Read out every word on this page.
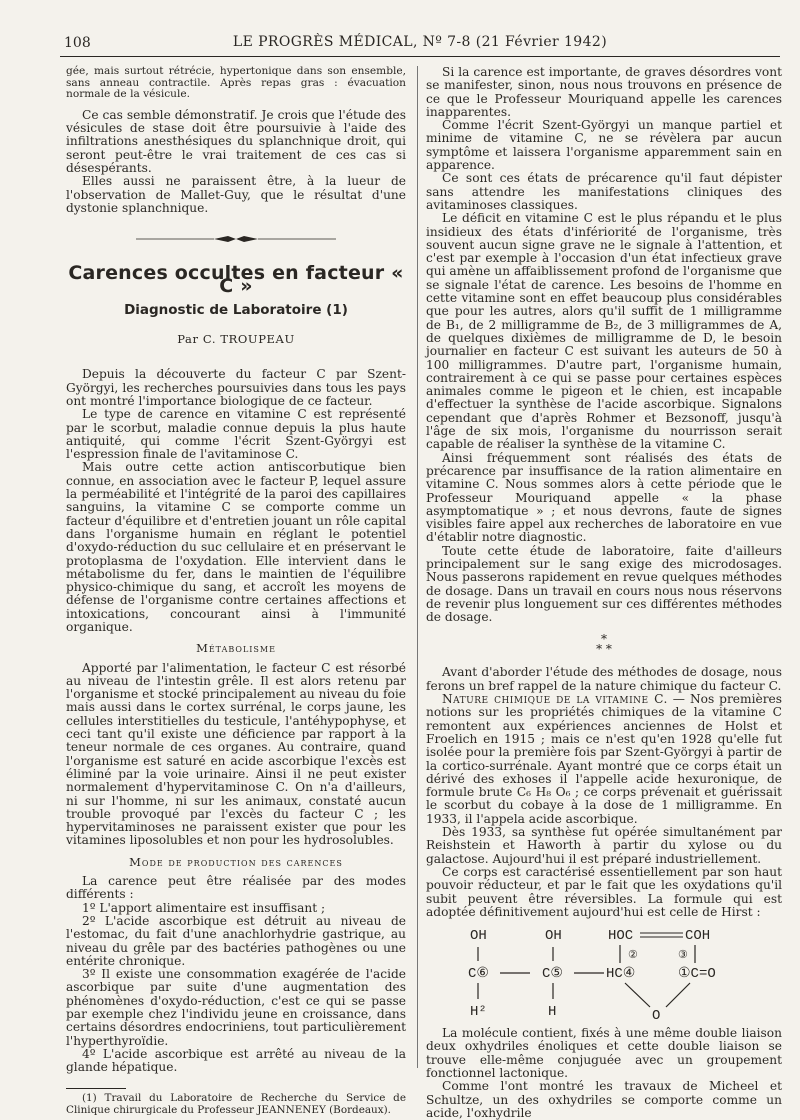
108	LE PROGRÈS MÉDICAL, Nº 7-8 (21 Février 1942)

gée, mais surtout rétrécie, hypertonique dans son ensemble, sans anneau contractile. Après repas gras : évacuation normale de la vésicule.

Ce cas semble démonstratif. Je crois que l'étude des vésicules de stase doit être poursuivie à l'aide des infiltrations anesthésiques du splanchnique droit, qui seront peut-être le vrai traitement de ces cas si désespérants.

Elles aussi ne paraissent être, à la lueur de l'observation de Mallet-Guy, que le résultat d'une dystonie splanchnique.

Carences occultes en facteur « C »
Diagnostic de Laboratoire (1)
Par C. TROUPEAU

Depuis la découverte du facteur C par Szent-Györgyi, les recherches poursuivies dans tous les pays ont montré l'importance biologique de ce facteur.

Le type de carence en vitamine C est représenté par le scorbut, maladie connue depuis la plus haute antiquité, qui comme l'écrit Szent-Györgyi est l'espression finale de l'avitaminose C.

Mais outre cette action antiscorbutique bien connue, en association avec le facteur P, lequel assure la perméabilité et l'intégrité de la paroi des capillaires sanguins, la vitamine C se comporte comme un facteur d'équilibre et d'entretien jouant un rôle capital dans l'organisme humain en réglant le potentiel d'oxydo-réduction du suc cellulaire et en préservant le protoplasma de l'oxydation. Elle intervient dans le métabolisme du fer, dans le maintien de l'équilibre physico-chimique du sang, et accroît les moyens de défense de l'organisme contre certaines affections et intoxications, concourant ainsi à l'immunité organique.

Métabolisme

Apporté par l'alimentation, le facteur C est résorbé au niveau de l'intestin grêle. Il est alors retenu par l'organisme et stocké principalement au niveau du foie mais aussi dans le cortex surrénal, le corps jaune, les cellules interstitielles du testicule, l'antéhypophyse, et ceci tant qu'il existe une déficience par rapport à la teneur normale de ces organes. Au contraire, quand l'organisme est saturé en acide ascorbique l'excès est éliminé par la voie urinaire. Ainsi il ne peut exister normalement d'hypervitaminose C. On n'a d'ailleurs, ni sur l'homme, ni sur les animaux, constaté aucun trouble provoqué par l'excès du facteur C ; les hypervitaminoses ne paraissent exister que pour les vitamines liposolubles et non pour les hydrosolubles.

Mode de production des carences

La carence peut être réalisée par des modes différents :

1º L'apport alimentaire est insuffisant ;

2º L'acide ascorbique est détruit au niveau de l'estomac, du fait d'une anachlorhydrie gastrique, au niveau du grêle par des bactéries pathogènes ou une entérite chronique.

3º Il existe une consommation exagérée de l'acide ascorbique par suite d'une augmentation des phénomènes d'oxydo-réduction, c'est ce qui se passe par exemple chez l'individu jeune en croissance, dans certains désordres endocriniens, tout particulièrement l'hyperthyroïdie.

4º L'acide ascorbique est arrêté au niveau de la glande hépatique.

(1) Travail du Laboratoire de Recherche du Service de Clinique chirurgicale du Professeur JEANNENEY (Bordeaux).

Si la carence est importante, de graves désordres vont se manifester, sinon, nous nous trouvons en présence de ce que le Professeur Mouriquand appelle les carences inapparentes.

Comme l'écrit Szent-Györgyi un manque partiel et minime de vitamine C, ne se révèlera par aucun symptôme et laissera l'organisme apparemment sain en apparence.

Ce sont ces états de précarence qu'il faut dépister sans attendre les manifestations cliniques des avitaminoses classiques.

Le déficit en vitamine C est le plus répandu et le plus insidieux des états d'infériorité de l'organisme, très souvent aucun signe grave ne le signale à l'attention, et c'est par exemple à l'occasion d'un état infectieux grave qui amène un affaiblissement profond de l'organisme que se signale l'état de carence. Les besoins de l'homme en cette vitamine sont en effet beaucoup plus considérables que pour les autres, alors qu'il suffit de 1 milligramme de B₁, de 2 milligramme de B₂, de 3 milligrammes de A, de quelques dixièmes de milligramme de D, le besoin journalier en facteur C est suivant les auteurs de 50 à 100 milligrammes. D'autre part, l'organisme humain, contrairement à ce qui se passe pour certaines espèces animales comme le pigeon et le chien, est incapable d'effectuer la synthèse de l'acide ascorbique. Signalons cependant que d'après Rohmer et Bezsonoff, jusqu'à l'âge de six mois, l'organisme du nourrisson serait capable de réaliser la synthèse de la vitamine C.

Ainsi fréquemment sont réalisés des états de précarence par insuffisance de la ration alimentaire en vitamine C. Nous sommes alors à cette période que le Professeur Mouriquand appelle « la phase asymptomatique » ; et nous devrons, faute de signes visibles faire appel aux recherches de laboratoire en vue d'établir notre diagnostic.

Toute cette étude de laboratoire, faite d'ailleurs principalement sur le sang exige des microdosages. Nous passerons rapidement en revue quelques méthodes de dosage. Dans un travail en cours nous nous réservons de revenir plus longuement sur ces différentes méthodes de dosage.

*
* *

Avant d'aborder l'étude des méthodes de dosage, nous ferons un bref rappel de la nature chimique du facteur C.

Nature chimique de la vitamine C. — Nos premières notions sur les propriétés chimiques de la vitamine C remontent aux expériences anciennes de Holst et Froelich en 1915 ; mais ce n'est qu'en 1928 qu'elle fut isolée pour la première fois par Szent-Györgyi à partir de la cortico-surrénale. Ayant montré que ce corps était un dérivé des exhoses il l'appelle acide hexuronique, de formule brute C₆ H₈ O₆ ; ce corps prévenait et guérissait le scorbut du cobaye à la dose de 1 milligramme. En 1933, il l'appela acide ascorbique.

Dès 1933, sa synthèse fut opérée simultanément par Reishstein et Haworth à partir du xylose ou du galactose. Aujourd'hui il est préparé industriellement.

Ce corps est caractérisé essentiellement par son haut pouvoir réducteur, et par le fait que les oxydations qu'il subit peuvent être réversibles. La formule qui est adoptée définitivement aujourd'hui est celle de Hirst :

OH	OH	HOC	COH
②	③
C⑥	C⑤	HC④	①C=O
H²	H	O

La molécule contient, fixés à une même double liaison deux oxhydriles énoliques et cette double liaison se trouve elle-même conjuguée avec un groupement fonctionnel lactonique.

Comme l'ont montré les travaux de Micheel et Schultze, un des oxhydriles se comporte comme un acide, l'oxhydrile
